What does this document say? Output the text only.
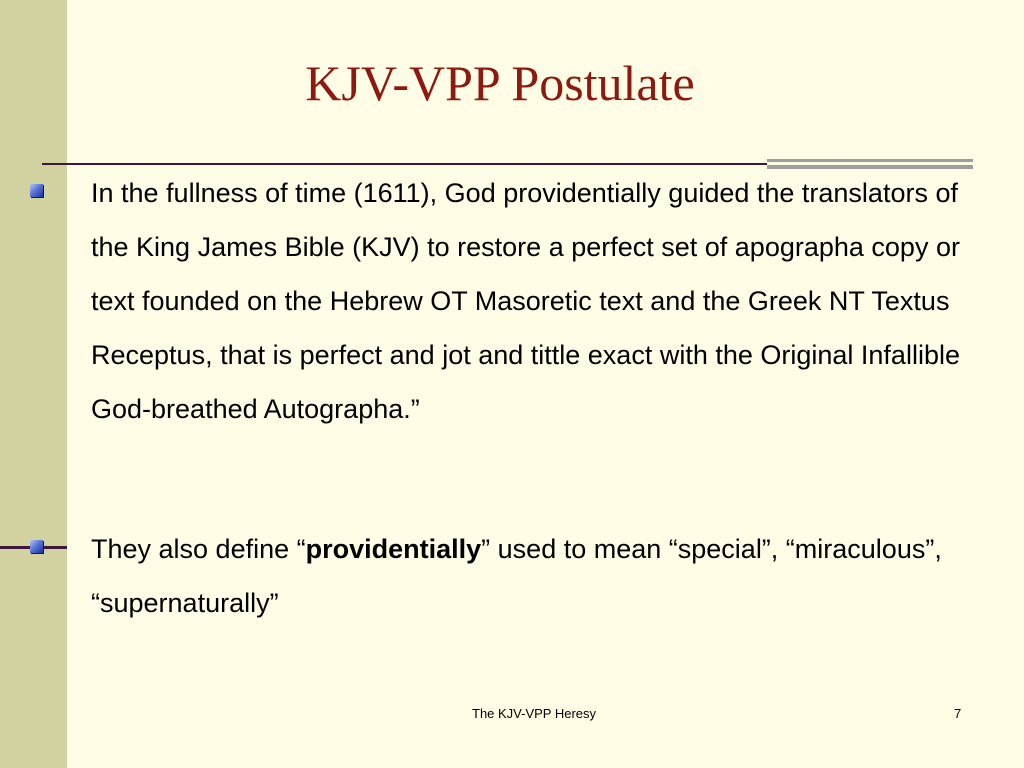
KJV-VPP Postulate
In the fullness of time (1611), God providentially guided the translators of the King James Bible (KJV) to restore a perfect set of apographa copy or text founded on the Hebrew OT Masoretic text and the Greek NT Textus Receptus, that is perfect and jot and tittle exact with the Original Infallible God-breathed Autographa.”
They also define “providentially” used to mean “special”, “miraculous”, “supernaturally”
The KJV-VPP Heresy	7
